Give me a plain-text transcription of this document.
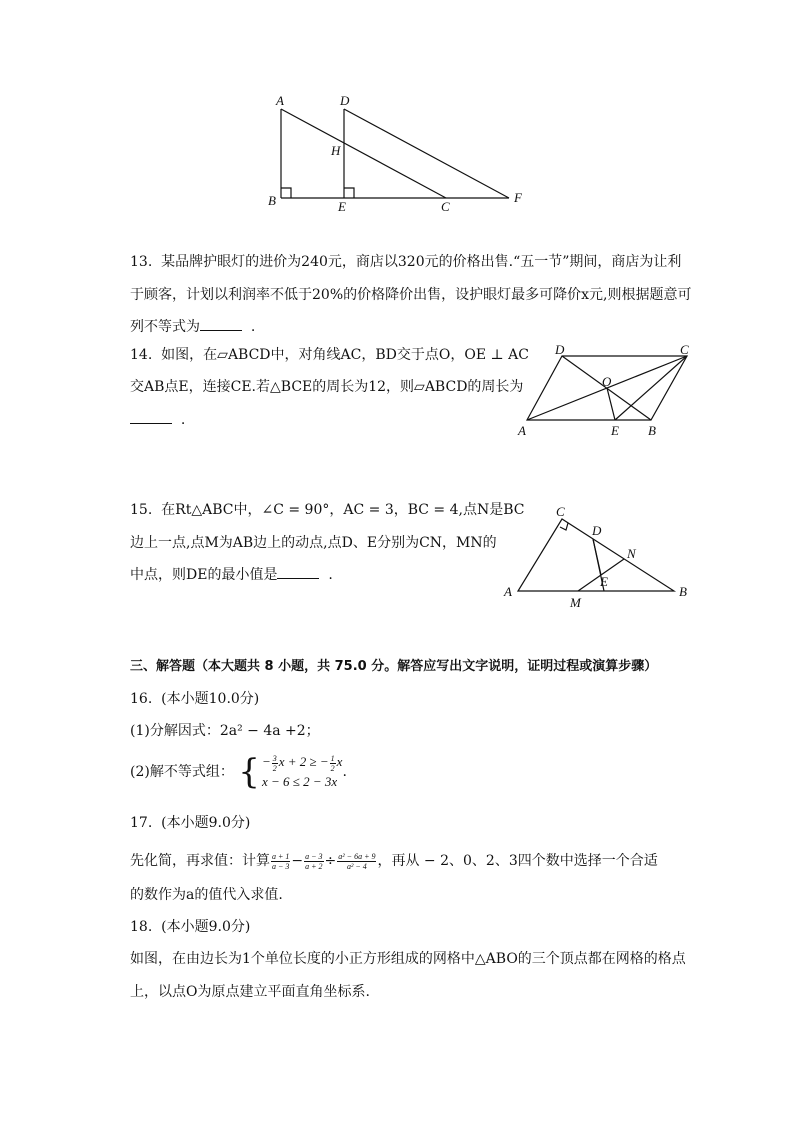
A	D
H
B	E	C
F
13. 某品牌护眼灯的进价为240元，商店以320元的价格出售.“五一节”期间，商店为让利
于顾客，计划以利润率不低于20%的价格降价出售，设护眼灯最多可降价x元,则根据题意可
列不等式为	.
14. 如图，在▱ABCD中，对角线AC，BD交于点O，OE ⊥ AC
交AB点E，连接CE.若△BCE的周长为12，则▱ABCD的周长为
.
D	C
O
A	E B
15. 在Rt△ABC中，∠C = 90°，AC = 3，BC = 4,点N是BC
边上一点,点M为AB边上的动点,点D、E分别为CN，MN的
中点，则DE的最小值是	.
C
D
N
E
A
M
B
三、解答题（本大题共 8 小题，共 75.0 分。解答应写出文字说明，证明过程或演算步骤）
16. (本小题10.0分)
(1)分解因式：2a² − 4a +2；
(2)解不等式组： { − $\frac{3}{2}$ x + 2 ≥ − $\frac{1}{2}$ x
x − 6 ≤ 2 − 3x
.
17. (本小题9.0分)
先化简，再求值：计算 $\frac{a + 1}{a - 3} - \frac{a - 3}{a + 2} \div \frac{\text{a² − 6a + 9}}{\text{a² − 4}}$ ，再从 − 2、0、2、3四个数中选择一个合适
的数作为a的值代入求值.
18. (本小题9.0分)
如图，在由边长为1个单位长度的小正方形组成的网格中△ABO的三个顶点都在网格的格点
上，以点O为原点建立平面直角坐标系.
